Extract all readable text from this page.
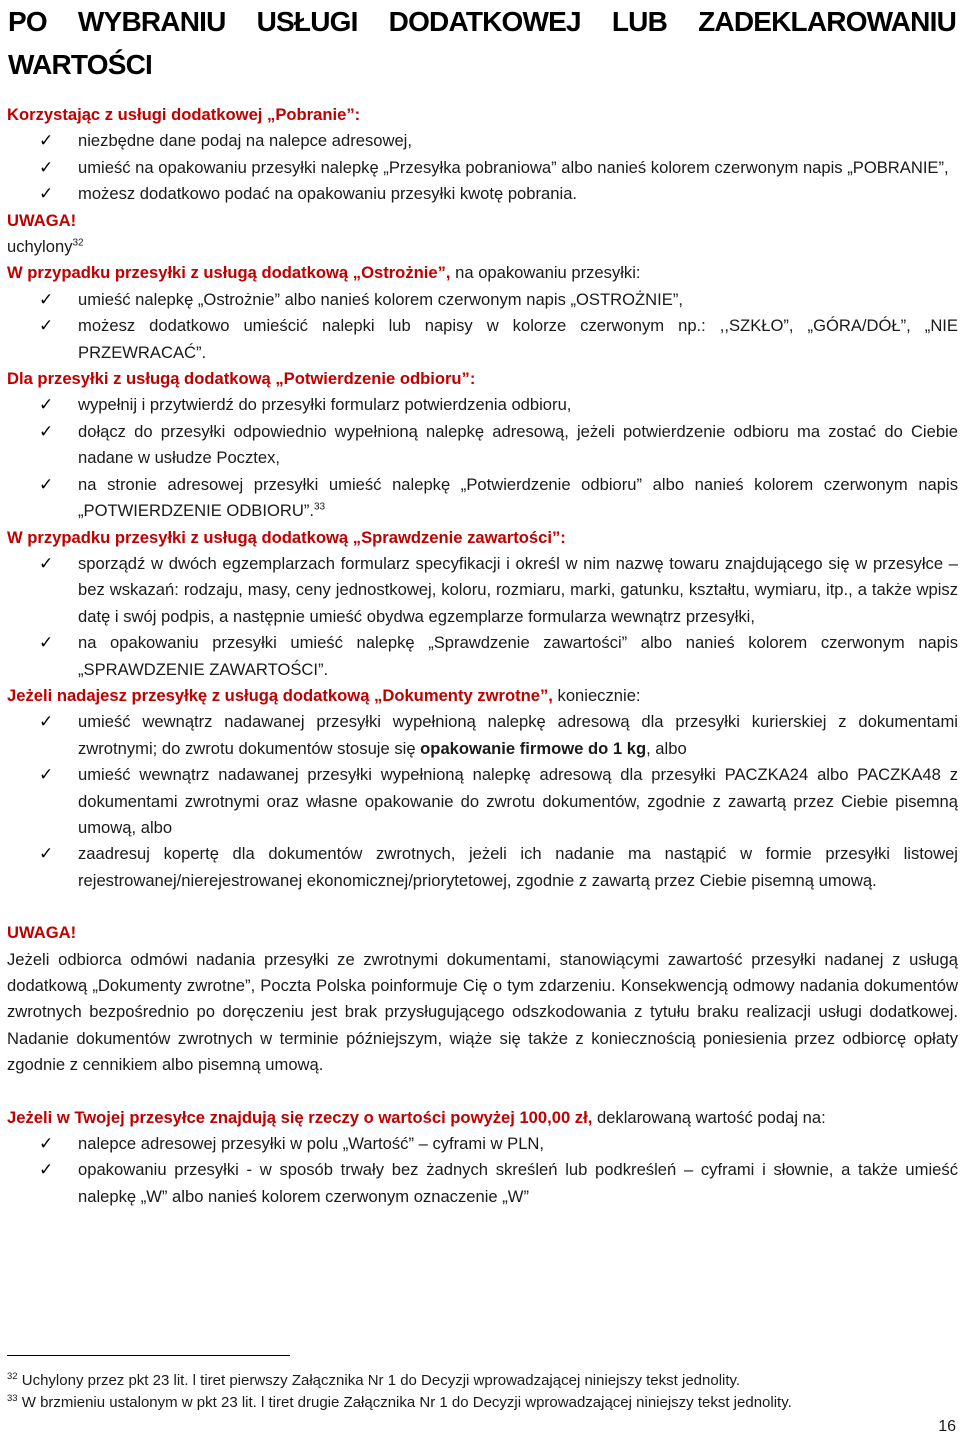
PO WYBRANIU USŁUGI DODATKOWEJ LUB ZADEKLAROWANIU WARTOŚCI

Korzystając z usługi dodatkowej „Pobranie”:

✓ niezbędne dane podaj na nalepce adresowej,
✓ umieść na opakowaniu przesyłki nalepkę „Przesyłka pobraniowa” albo nanieś kolorem czerwonym napis „POBRANIE”,
✓ możesz dodatkowo podać na opakowaniu przesyłki kwotę pobrania.

UWAGA!

uchylony$^{32}$

W przypadku przesyłki z usługą dodatkową „Ostrożnie”, na opakowaniu przesyłki:

✓ umieść nalepkę „Ostrożnie” albo nanieś kolorem czerwonym napis „OSTROŻNIE”,
✓ możesz dodatkowo umieścić nalepki lub napisy w kolorze czerwonym np.: ,,SZKŁO”, „GÓRA/DÓŁ”, „NIE PRZEWRACAĆ”.

Dla przesyłki z usługą dodatkową „Potwierdzenie odbioru”:

✓ wypełnij i przytwierdź do przesyłki formularz potwierdzenia odbioru,
✓ dołącz do przesyłki odpowiednio wypełnioną nalepkę adresową, jeżeli potwierdzenie odbioru ma zostać do Ciebie nadane w usłudze Pocztex,
✓ na stronie adresowej przesyłki umieść nalepkę „Potwierdzenie odbioru” albo nanieś kolorem czerwonym napis „POTWIERDZENIE ODBIORU”.$^{33}$

W przypadku przesyłki z usługą dodatkową „Sprawdzenie zawartości”:

✓ sporządź w dwóch egzemplarzach formularz specyfikacji i określ w nim nazwę towaru znajdującego się w przesyłce – bez wskazań: rodzaju, masy, ceny jednostkowej, koloru, rozmiaru, marki, gatunku, kształtu, wymiaru, itp., a także wpisz datę i swój podpis, a następnie umieść obydwa egzemplarze formularza wewnątrz przesyłki,
✓ na opakowaniu przesyłki umieść nalepkę „Sprawdzenie zawartości” albo nanieś kolorem czerwonym napis „SPRAWDZENIE ZAWARTOŚCI”.

Jeżeli nadajesz przesyłkę z usługą dodatkową „Dokumenty zwrotne”, koniecznie:

✓ umieść wewnątrz nadawanej przesyłki wypełnioną nalepkę adresową dla przesyłki kurierskiej z dokumentami zwrotnymi; do zwrotu dokumentów stosuje się opakowanie firmowe do 1 kg, albo
✓ umieść wewnątrz nadawanej przesyłki wypełnioną nalepkę adresową dla przesyłki PACZKA24 albo PACZKA48 z dokumentami zwrotnymi oraz własne opakowanie do zwrotu dokumentów, zgodnie z zawartą przez Ciebie pisemną umową, albo
✓ zaadresuj kopertę dla dokumentów zwrotnych, jeżeli ich nadanie ma nastąpić w formie przesyłki listowej rejestrowanej/nierejestrowanej ekonomicznej/priorytetowej, zgodnie z zawartą przez Ciebie pisemną umową.

UWAGA!

Jeżeli odbiorca odmówi nadania przesyłki ze zwrotnymi dokumentami, stanowiącymi zawartość przesyłki nadanej z usługą dodatkową „Dokumenty zwrotne”, Poczta Polska poinformuje Cię o tym zdarzeniu. Konsekwencją odmowy nadania dokumentów zwrotnych bezpośrednio po doręczeniu jest brak przysługującego odszkodowania z tytułu braku realizacji usługi dodatkowej. Nadanie dokumentów zwrotnych w terminie późniejszym, wiąże się także z koniecznością poniesienia przez odbiorcę opłaty zgodnie z cennikiem albo pisemną umową.

Jeżeli w Twojej przesyłce znajdują się rzeczy o wartości powyżej 100,00 zł, deklarowaną wartość podaj na:

✓ nalepce adresowej przesyłki w polu „Wartość” – cyframi w PLN,
✓ opakowaniu przesyłki - w sposób trwały bez żadnych skreśleń lub podkreśleń – cyframi i słownie, a także umieść nalepkę „W” albo nanieś kolorem czerwonym oznaczenie „W”

$^{32}$ Uchylony przez pkt 23 lit. l tiret pierwszy Załącznika Nr 1 do Decyzji wprowadzającej niniejszy tekst jednolity.

$^{33}$ W brzmieniu ustalonym w pkt 23 lit. l tiret drugie Załącznika Nr 1 do Decyzji wprowadzającej niniejszy tekst jednolity.

16
